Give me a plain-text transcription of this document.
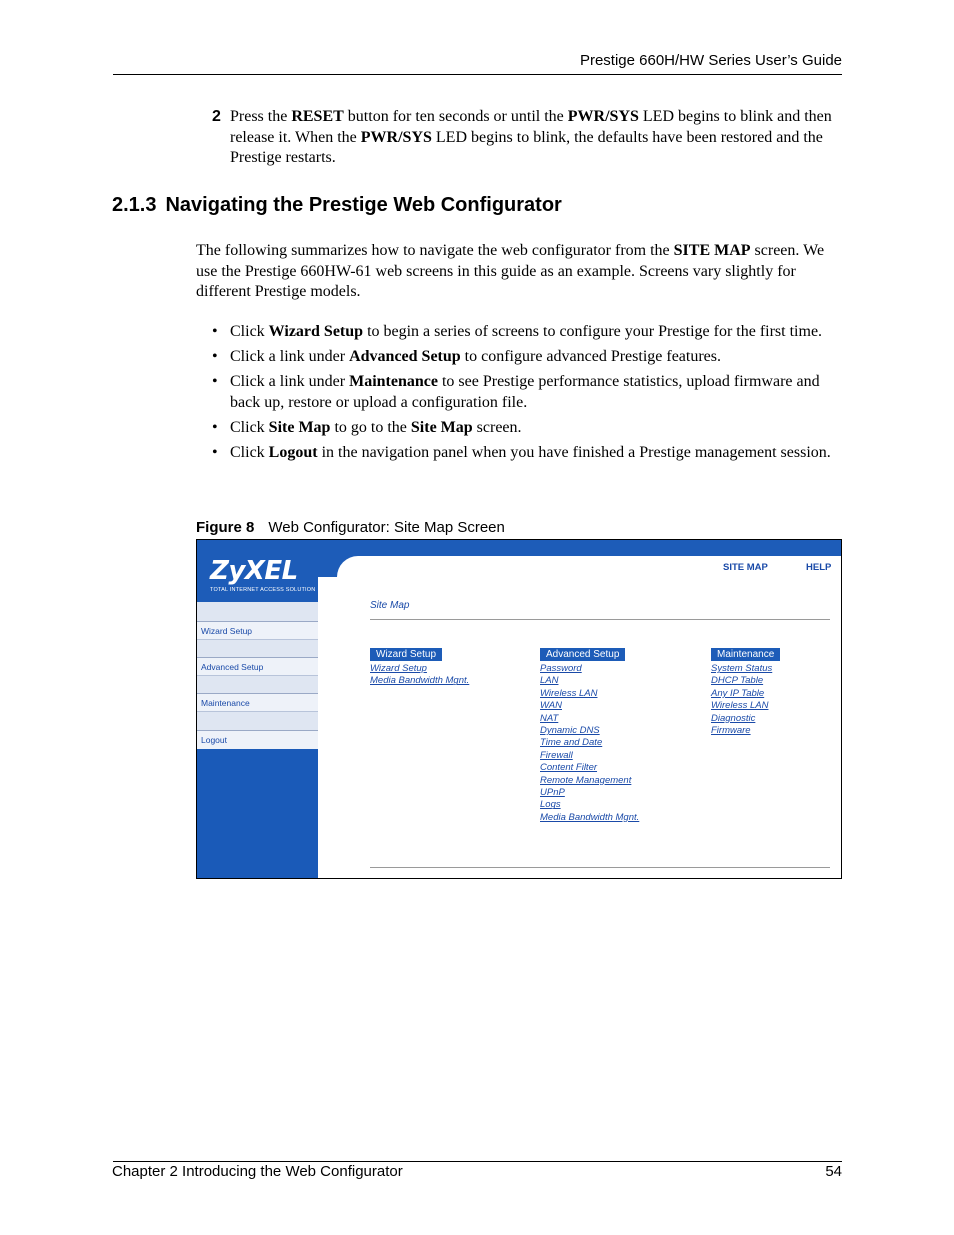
Prestige 660H/HW Series User’s Guide
2 Press the RESET button for ten seconds or until the PWR/SYS LED begins to blink and then release it. When the PWR/SYS LED begins to blink, the defaults have been restored and the Prestige restarts.
2.1.3 Navigating the Prestige Web Configurator
The following summarizes how to navigate the web configurator from the SITE MAP screen. We use the Prestige 660HW-61 web screens in this guide as an example. Screens vary slightly for different Prestige models.
• Click Wizard Setup to begin a series of screens to configure your Prestige for the first time.
• Click a link under Advanced Setup to configure advanced Prestige features.
• Click a link under Maintenance to see Prestige performance statistics, upload firmware and back up, restore or upload a configuration file.
• Click Site Map to go to the Site Map screen.
• Click Logout in the navigation panel when you have finished a Prestige management session.
Figure 8 Web Configurator: Site Map Screen
ZyXEL
TOTAL INTERNET ACCESS SOLUTION
Wizard Setup
Advanced Setup
Maintenance
Logout
SITE MAP	HELP
Site Map
Wizard Setup
Wizard Setup
Media Bandwidth Mgnt.
Advanced Setup
Password
LAN
Wireless LAN
WAN
NAT
Dynamic DNS
Time and Date
Firewall
Content Filter
Remote Management
UPnP
Logs
Media Bandwidth Mgnt.
Maintenance
System Status
DHCP Table
Any IP Table
Wireless LAN
Diagnostic
Firmware
Chapter 2 Introducing the Web Configurator	54
